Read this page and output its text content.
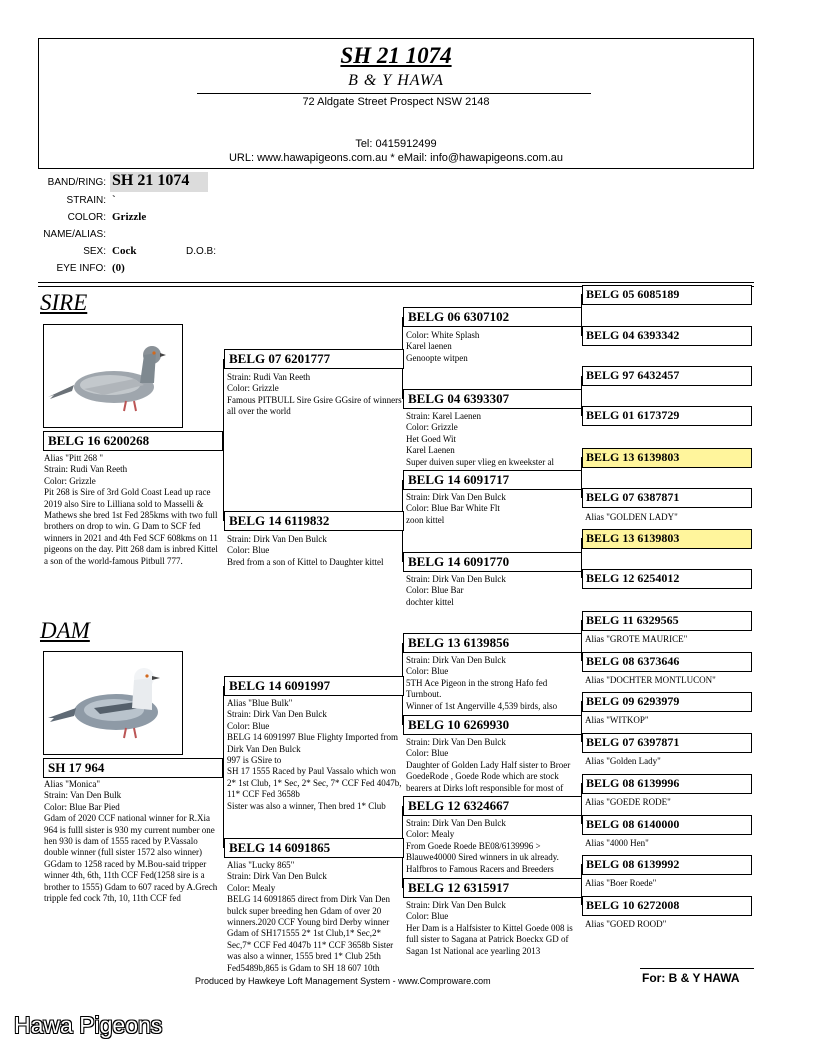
SH 21 1074
B & Y HAWA
72 Aldgate Street Prospect NSW 2148
Tel: 0415912499
URL: www.hawapigeons.com.au * eMail: info@hawapigeons.com.au
BAND/RING: SH 21 1074
STRAIN: `
COLOR: Grizzle
NAME/ALIAS:
SEX: Cock	D.O.B:
EYE INFO: (0)
SIRE
BELG 16 6200268
Alias "Pitt 268 "
Strain: Rudi Van Reeth
Color: Grizzle
Pit 268 is Sire of 3rd Gold Coast Lead up race 2019 also Sire to Lilliana sold to Masselli & Mathews she bred 1st Fed 285kms with two full brothers on drop to win. G Dam to SCF fed winners in 2021 and 4th Fed SCF 608kms on 11 pigeons on the day. Pitt 268 dam is inbred Kittel a son of the world-famous Pitbull 777.
DAM
SH 17 964
Alias "Monica"
Strain: Van Den Bulk
Color: Blue Bar Pied
Gdam of 2020 CCF national winner for R.Xia 964 is fulll sister is 930 my current number one hen 930 is dam of 1555 raced by P.Vassalo double winner (full sister 1572 also winner)
GGdam to 1258 raced by M.Bou-said tripper winner 4th, 6th, 11th CCF Fed(1258 sire is a brother to 1555) Gdam to 607 raced by A.Grech tripple fed cock 7th, 10, 11th CCF fed
BELG 07 6201777
Strain: Rudi Van Reeth
Color: Grizzle
Famous PITBULL Sire Gsire GGsire of winners all over the world
BELG 14 6119832
Strain: Dirk Van Den Bulck
Color: Blue
Bred from a son of Kittel to Daughter kittel
BELG 14 6091997
Alias "Blue Bulk"
Strain: Dirk Van Den Bulck
Color: Blue
BELG 14 6091997 Blue Flighty Imported from Dirk Van Den Bulck
997 is GSire to
SH 17 1555 Raced by Paul Vassalo which won 2* 1st Club, 1* Sec, 2* Sec, 7* CCF Fed 4047b, 11* CCF Fed 3658b
Sister was also a winner, Then bred 1* Club
BELG 14 6091865
Alias "Lucky 865"
Strain: Dirk Van Den Bulck
Color: Mealy
BELG 14 6091865 direct from Dirk Van Den bulck super breeding hen Gdam of over 20 winners.2020 CCF Young bird Derby winner Gdam of SH171555 2* 1st Club,1* Sec,2* Sec,7* CCF Fed 4047b 11* CCF 3658b Sister was also a winner, 1555 bred 1* Club 25th Fed5489b,865 is Gdam to SH 18 607 10th
BELG 06 6307102
Color: White Splash
Karel laenen
Genoopte witpen
BELG 04 6393307
Strain: Karel Laenen
Color: Grizzle
Het Goed Wit
Karel Laenen
Super duiven super vlieg en kweekster al
BELG 14 6091717
Strain: Dirk Van Den Bulck
Color: Blue Bar White Flt
zoon kittel
BELG 14 6091770
Strain: Dirk Van Den Bulck
Color: Blue Bar
dochter kittel
BELG 13 6139856
Strain: Dirk Van Den Bulck
Color: Blue
5TH Ace Pigeon in the strong Hafo fed Turnbout.
Winner of 1st Angerville 4,539 birds, also
BELG 10 6269930
Strain: Dirk Van Den Bulck
Color: Blue
Daughter of Golden Lady Half sister to Broer GoedeRode , Goede Rode which are stock bearers at Dirks loft responsible for most of
BELG 12 6324667
Strain: Dirk Van Den Bulck
Color: Mealy
From Goede Roede BE08/6139996 > Blauwe40000 Sired winners in uk already. Halfbros to Famous Racers and Breeders
BELG 12 6315917
Strain: Dirk Van Den Bulck
Color: Blue
Her Dam is a Halfsister to Kittel Goede 008 is full sister to Sagana at Patrick Boeckx GD of Sagan 1st National ace yearling 2013
BELG 05 6085189
BELG 04 6393342
BELG 97 6432457
BELG 01 6173729
BELG 13 6139803
BELG 07 6387871
Alias "GOLDEN LADY"
BELG 13 6139803
BELG 12 6254012
BELG 11 6329565
Alias "GROTE MAURICE"
BELG 08 6373646
Alias "DOCHTER MONTLUCON"
BELG 09 6293979
Alias "WITKOP"
BELG 07 6397871
Alias "Golden Lady"
BELG 08 6139996
Alias "GOEDE RODE"
BELG 08 6140000
Alias "4000 Hen"
BELG 08 6139992
Alias "Boer Roede"
BELG 10 6272008
Alias "GOED ROOD"
Produced by Hawkeye Loft Management System - www.Comproware.com	For: B & Y HAWA
Hawa Pigeons
